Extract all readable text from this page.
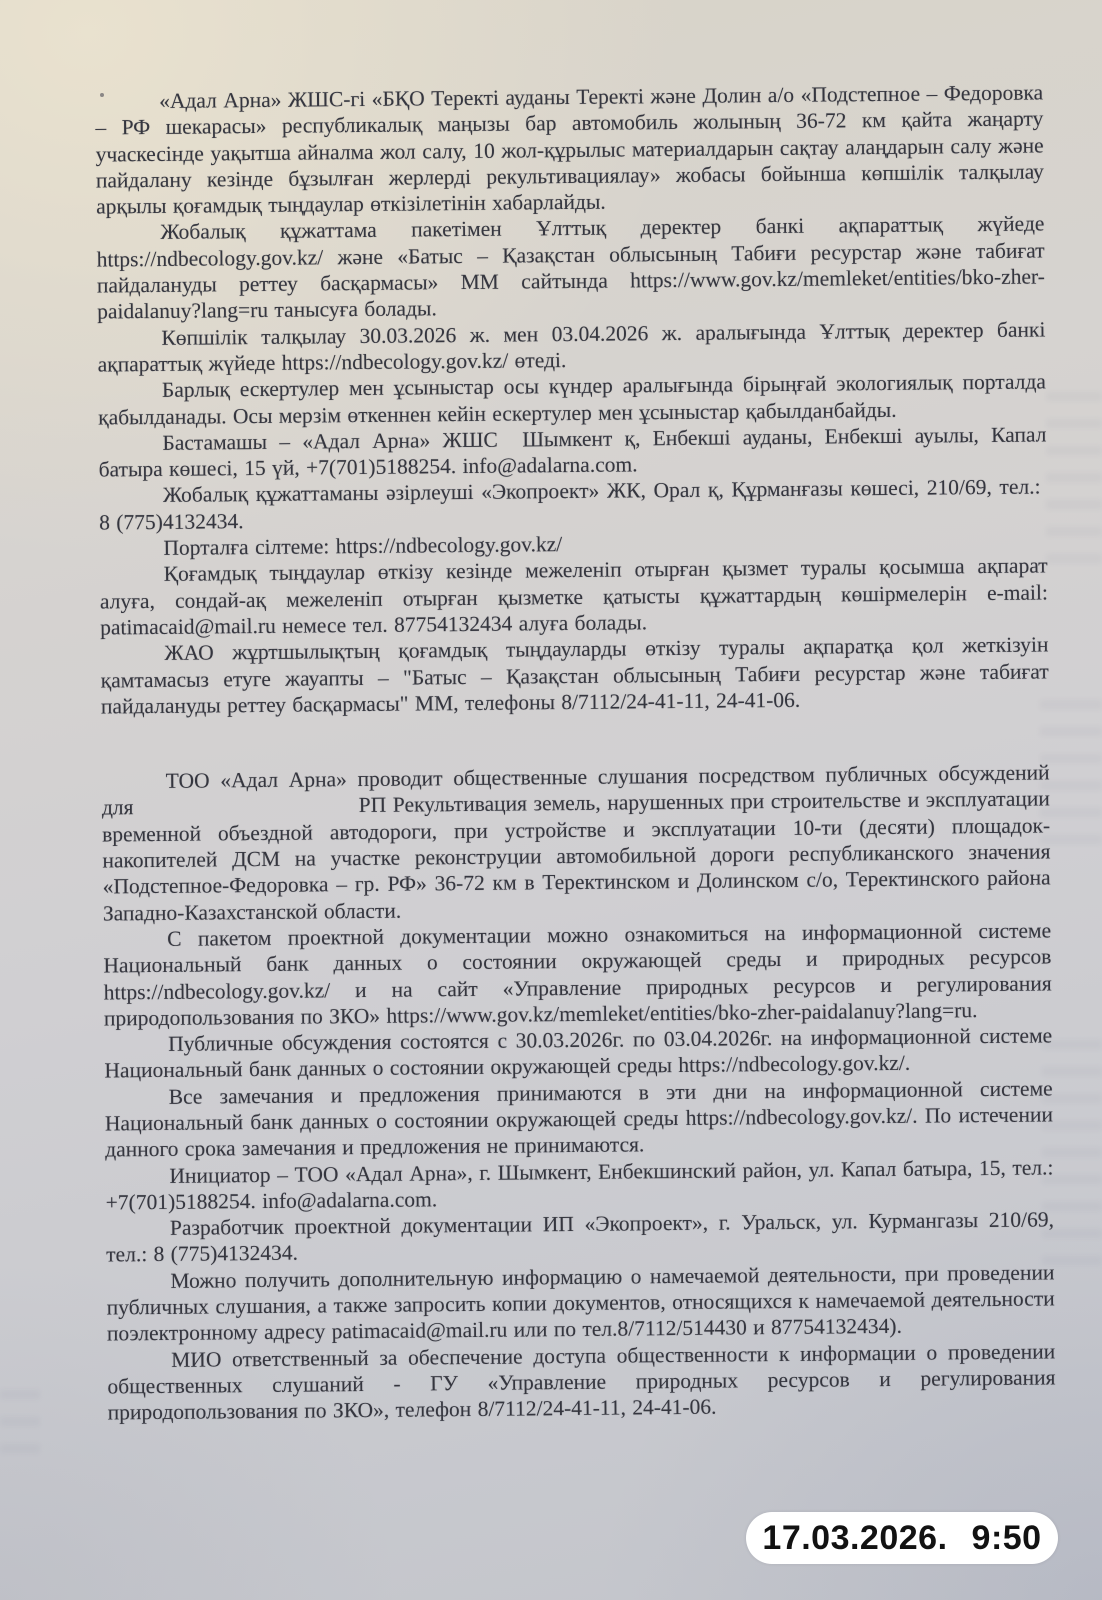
«Адал Арна» ЖШС-гі «БҚО Теректі ауданы Теректі және Долин а/о «Подстепное – Федоровка – РФ шекарасы» республикалық маңызы бар автомобиль жолының 36-72 км қайта жаңарту учаскесінде уақытша айналма жол салу, 10 жол-құрылыс материалдарын сақтау алаңдарын салу және пайдалану кезінде бұзылған жерлерді рекультивациялау» жобасы бойынша көпшілік талқылау арқылы қоғамдық тыңдаулар өткізілетінін хабарлайды.

Жобалық құжаттама пакетімен Ұлттық деректер банкі ақпараттық жүйеде https://ndbecology.gov.kz/ және «Батыс – Қазақстан облысының Табиғи ресурстар және табиғат пайдалануды реттеу басқармасы» ММ сайтында https://www.gov.kz/memleket/entities/bko-zher-paidalanuy?lang=ru танысуға болады.

Көпшілік талқылау 30.03.2026 ж. мен 03.04.2026 ж. аралығында Ұлттық деректер банкі ақпараттық жүйеде https://ndbecology.gov.kz/ өтеді.

Барлық ескертулер мен ұсыныстар осы күндер аралығында бірыңғай экологиялық порталда қабылданады. Осы мерзім өткеннен кейін ескертулер мен ұсыныстар қабылданбайды.

Бастамашы – «Адал Арна» ЖШС  Шымкент қ, Енбекші ауданы, Енбекші ауылы, Капал батыра көшесі, 15 үй, +7(701)5188254. info@adalarna.com.

Жобалық құжаттаманы әзірлеуші «Экопроект» ЖК, Орал қ, Құрманғазы көшесі, 210/69, тел.:  8 (775)4132434.

Порталға сілтеме: https://ndbecology.gov.kz/

Қоғамдық тыңдаулар өткізу кезінде межеленіп отырған қызмет туралы қосымша ақпарат алуға, сондай-ақ межеленіп отырған қызметке қатысты құжаттардың көшірмелерін e-mail: patimacaid@mail.ru немесе тел. 87754132434 алуға болады.

ЖАО жұртшылықтың қоғамдық тыңдауларды өткізу туралы ақпаратқа қол жеткізуін қамтамасыз етуге жауапты – "Батыс – Қазақстан облысының Табиғи ресурстар және табиғат пайдалануды реттеу басқармасы" ММ, телефоны 8/7112/24-41-11, 24-41-06.

ТОО «Адал Арна» проводит общественные слушания посредством публичных обсуждений для                                  РП Рекультивация земель, нарушенных при строительстве и эксплуатации временной объездной автодороги, при устройстве и эксплуатации 10-ти (десяти) площадок-накопителей ДСМ на участке реконструции автомобильной дороги республиканского значения «Подстепное-Федоровка – гр. РФ» 36-72 км в Теректинском и Долинском с/о, Теректинского района Западно-Казахстанской области.

С пакетом проектной документации можно ознакомиться на информационной системе Национальный банк данных о состоянии окружающей среды и природных ресурсов https://ndbecology.gov.kz/ и на сайт «Управление природных ресурсов и регулирования природопользования по ЗКО» https://www.gov.kz/memleket/entities/bko-zher-paidalanuy?lang=ru.

Публичные обсуждения состоятся с 30.03.2026г. по 03.04.2026г. на информационной системе Национальный банк данных о состоянии окружающей среды https://ndbecology.gov.kz/.

Все замечания и предложения принимаются в эти дни на информационной системе Национальный банк данных о состоянии окружающей среды https://ndbecology.gov.kz/. По истечении данного срока замечания и предложения не принимаются.

Инициатор – ТОО «Адал Арна», г. Шымкент, Енбекшинский район, ул. Капал батыра, 15, тел.: +7(701)5188254. info@adalarna.com.

Разработчик проектной документации ИП «Экопроект», г. Уральск, ул. Курмангазы 210/69, тел.: 8 (775)4132434.

Можно получить дополнительную информацию о намечаемой деятельности, при проведении публичных слушания, а также запросить копии документов, относящихся к намечаемой деятельности поэлектронному адресу patimacaid@mail.ru или по тел.8/7112/514430 и 87754132434).

МИО ответственный за обеспечение доступа общественности к информации о проведении общественных слушаний - ГУ «Управление природных ресурсов и регулирования природопользования по ЗКО», телефон 8/7112/24-41-11, 24-41-06.

17.03.2026. 9:50
